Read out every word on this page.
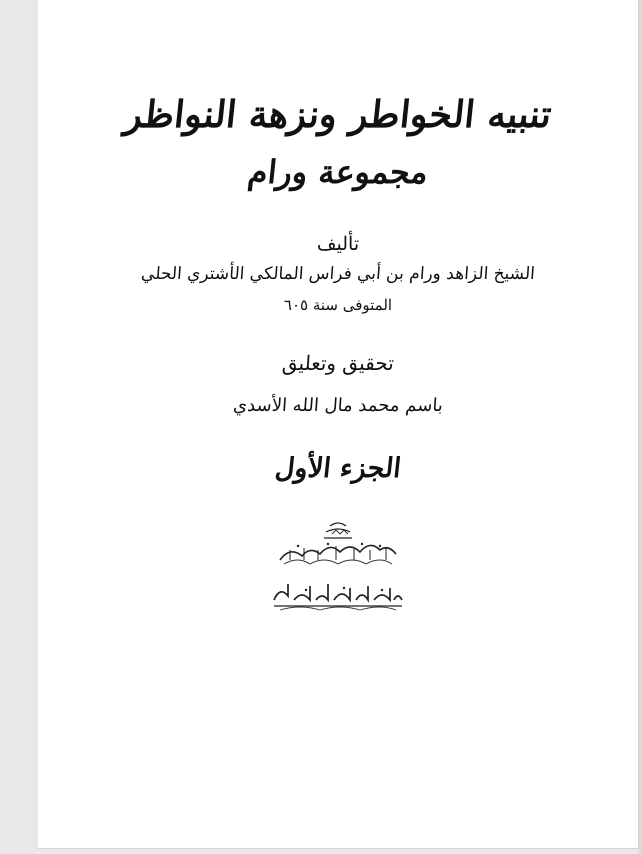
تنبيه الخواطر ونزهة النواظر
مجموعة ورام
تأليف
الشيخ الزاهد ورام بن أبي فراس المالكي الأشتري الحلي
المتوفى سنة ٦٠٥
تحقيق وتعليق
باسم محمد مال الله الأسدي
الجزء الأول
